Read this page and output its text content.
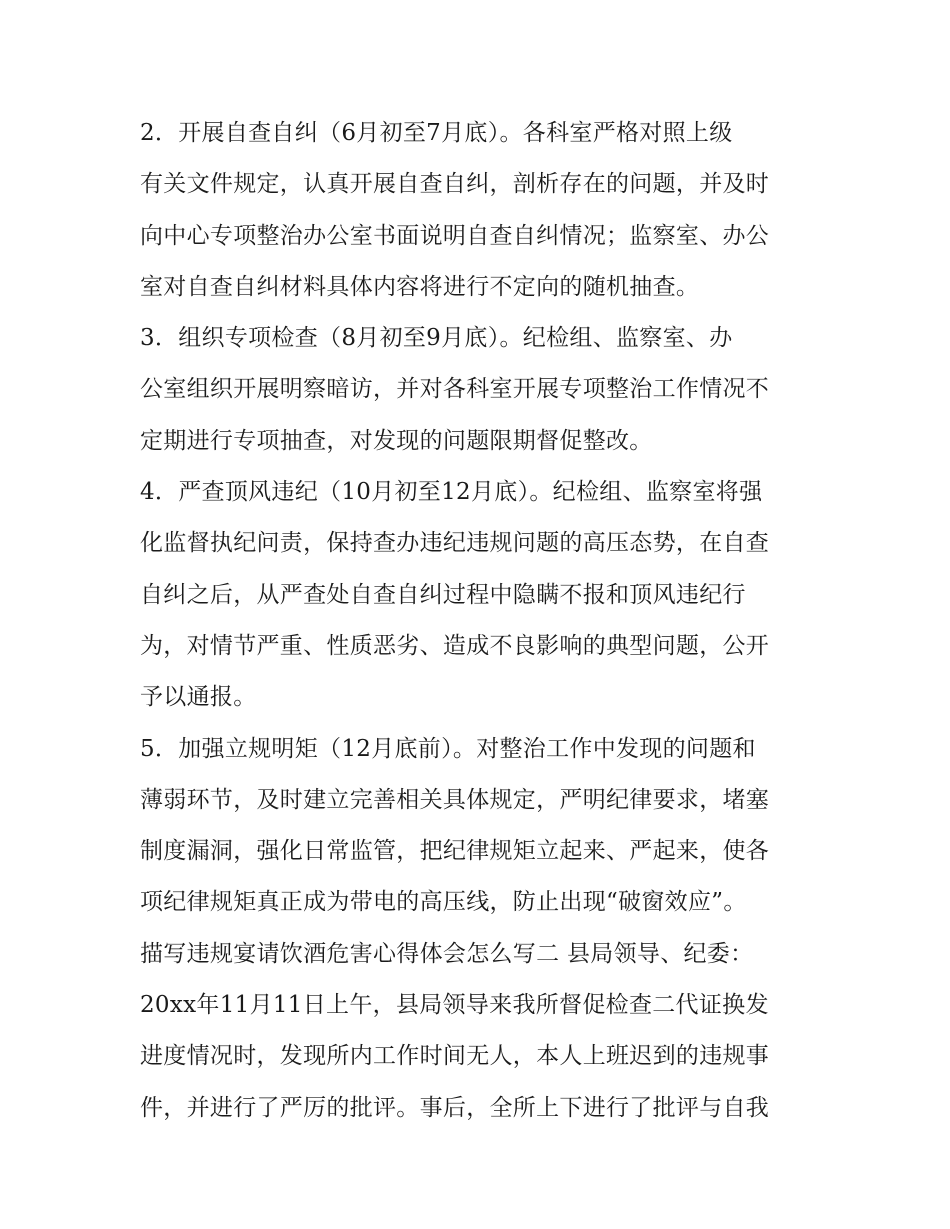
2．开展自查自纠（6月初至7月底）。各科室严格对照上级
有关文件规定，认真开展自查自纠，剖析存在的问题，并及时
向中心专项整治办公室书面说明自查自纠情况；监察室、办公
室对自查自纠材料具体内容将进行不定向的随机抽查。
3．组织专项检查（8月初至9月底）。纪检组、监察室、办
公室组织开展明察暗访，并对各科室开展专项整治工作情况不
定期进行专项抽查，对发现的问题限期督促整改。
4．严查顶风违纪（10月初至12月底）。纪检组、监察室将强
化监督执纪问责，保持查办违纪违规问题的高压态势，在自查
自纠之后，从严查处自查自纠过程中隐瞒不报和顶风违纪行
为，对情节严重、性质恶劣、造成不良影响的典型问题，公开
予以通报。
5．加强立规明矩（12月底前）。对整治工作中发现的问题和
薄弱环节，及时建立完善相关具体规定，严明纪律要求，堵塞
制度漏洞，强化日常监管，把纪律规矩立起来、严起来，使各
项纪律规矩真正成为带电的高压线，防止出现“破窗效应”。
描写违规宴请饮酒危害心得体会怎么写二 县局领导、纪委：
20xx年11月11日上午，县局领导来我所督促检查二代证换发
进度情况时，发现所内工作时间无人，本人上班迟到的违规事
件，并进行了严厉的批评。事后，全所上下进行了批评与自我
